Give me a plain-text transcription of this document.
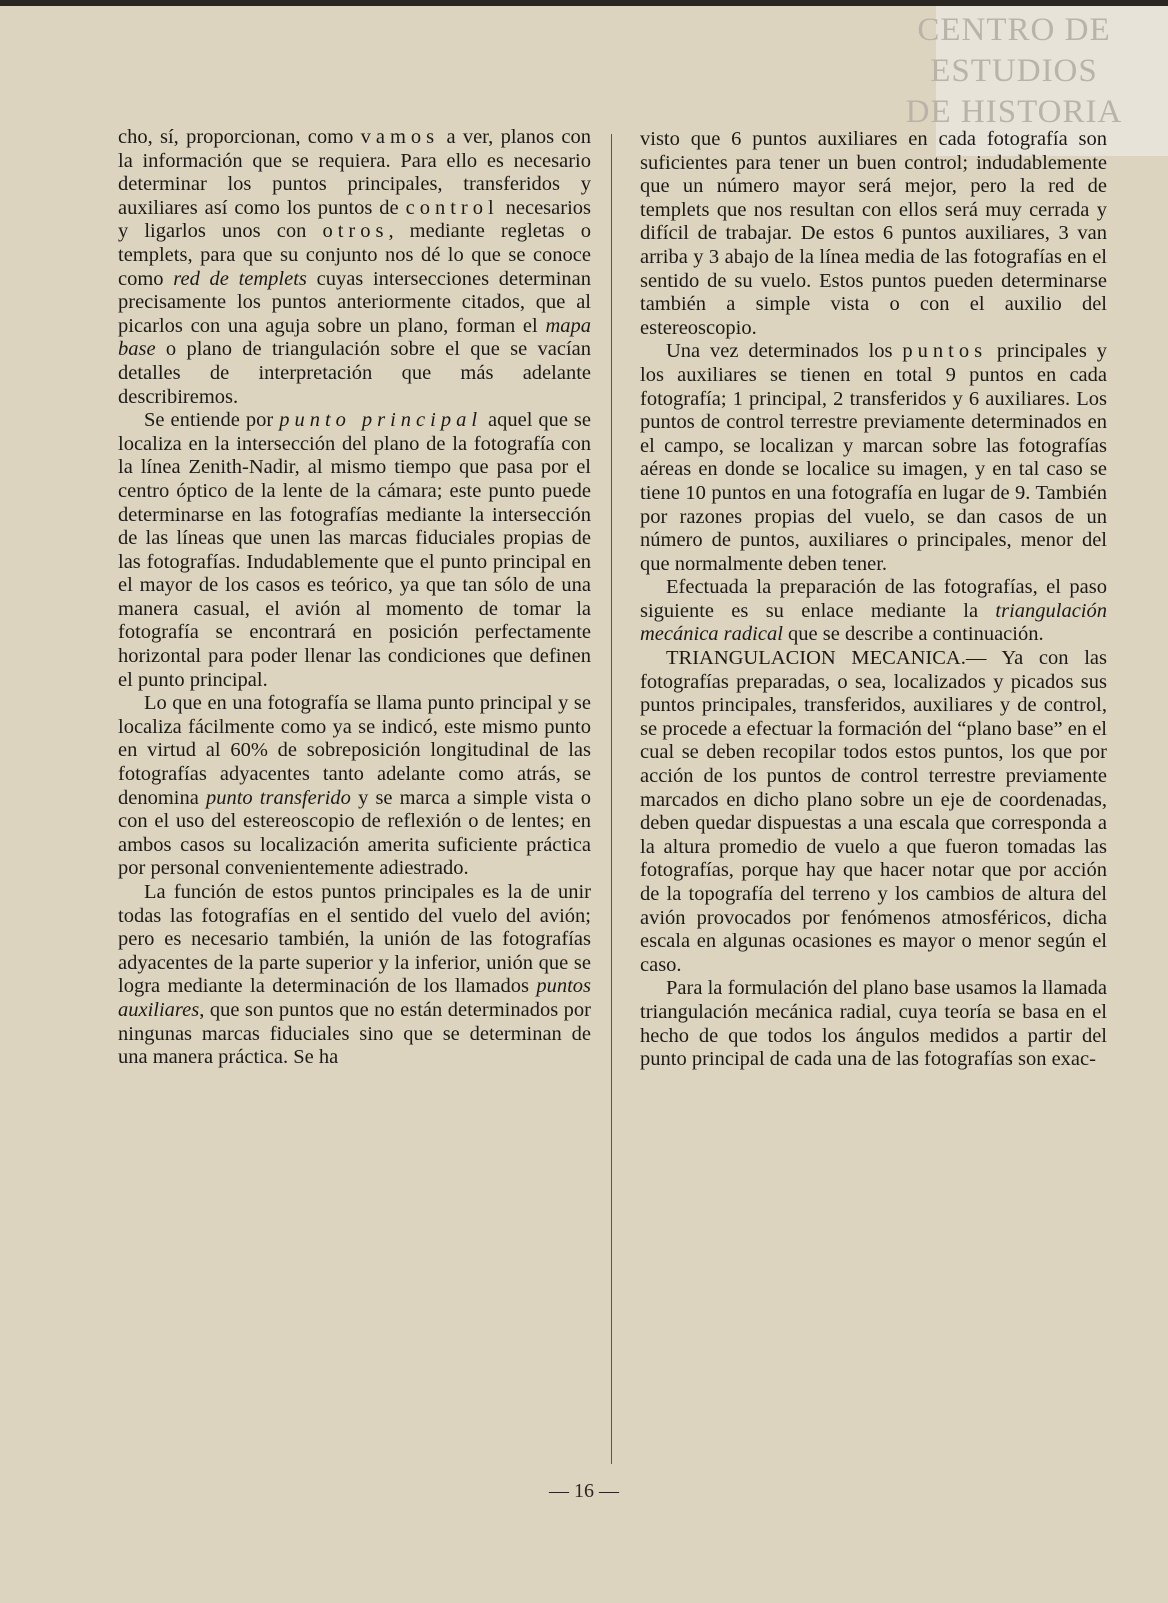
CENTRO DE
ESTUDIOS
DE HISTORIA

cho, sí, proporcionan, como vamos a ver, planos con la información que se requiera. Para ello es necesario determinar los puntos principales, transferidos y auxiliares así como los puntos de control necesarios y ligarlos unos con otros, mediante regletas o templets, para que su conjunto nos dé lo que se conoce como red de templets cuyas intersecciones determinan precisamente los puntos anteriormente citados, que al picarlos con una aguja sobre un plano, forman el mapa base o plano de triangulación sobre el que se vacían detalles de interpretación que más adelante describiremos.

Se entiende por punto principal aquel que se localiza en la intersección del plano de la fotografía con la línea Zenith-Nadir, al mismo tiempo que pasa por el centro óptico de la lente de la cámara; este punto puede determinarse en las fotografías mediante la intersección de las líneas que unen las marcas fiduciales propias de las fotografías. Indudablemente que el punto principal en el mayor de los casos es teórico, ya que tan sólo de una manera casual, el avión al momento de tomar la fotografía se encontrará en posición perfectamente horizontal para poder llenar las condiciones que definen el punto principal.

Lo que en una fotografía se llama punto principal y se localiza fácilmente como ya se indicó, este mismo punto en virtud al 60% de sobreposición longitudinal de las fotografías adyacentes tanto adelante como atrás, se denomina punto transferido y se marca a simple vista o con el uso del estereoscopio de reflexión o de lentes; en ambos casos su localización amerita suficiente práctica por personal convenientemente adiestrado.

La función de estos puntos principales es la de unir todas las fotografías en el sentido del vuelo del avión; pero es necesario también, la unión de las fotografías adyacentes de la parte superior y la inferior, unión que se logra mediante la determinación de los llamados puntos auxiliares, que son puntos que no están determinados por ningunas marcas fiduciales sino que se determinan de una manera práctica. Se ha

visto que 6 puntos auxiliares en cada fotografía son suficientes para tener un buen control; indudablemente que un número mayor será mejor, pero la red de templets que nos resultan con ellos será muy cerrada y difícil de trabajar. De estos 6 puntos auxiliares, 3 van arriba y 3 abajo de la línea media de las fotografías en el sentido de su vuelo. Estos puntos pueden determinarse también a simple vista o con el auxilio del estereoscopio.

Una vez determinados los puntos principales y los auxiliares se tienen en total 9 puntos en cada fotografía; 1 principal, 2 transferidos y 6 auxiliares. Los puntos de control terrestre previamente determinados en el campo, se localizan y marcan sobre las fotografías aéreas en donde se localice su imagen, y en tal caso se tiene 10 puntos en una fotografía en lugar de 9. También por razones propias del vuelo, se dan casos de un número de puntos, auxiliares o principales, menor del que normalmente deben tener.

Efectuada la preparación de las fotografías, el paso siguiente es su enlace mediante la triangulación mecánica radical que se describe a continuación.

TRIANGULACION MECANICA.— Ya con las fotografías preparadas, o sea, localizados y picados sus puntos principales, transferidos, auxiliares y de control, se procede a efectuar la formación del “plano base” en el cual se deben recopilar todos estos puntos, los que por acción de los puntos de control terrestre previamente marcados en dicho plano sobre un eje de coordenadas, deben quedar dispuestas a una escala que corresponda a la altura promedio de vuelo a que fueron tomadas las fotografías, porque hay que hacer notar que por acción de la topografía del terreno y los cambios de altura del avión provocados por fenómenos atmosféricos, dicha escala en algunas ocasiones es mayor o menor según el caso.

Para la formulación del plano base usamos la llamada triangulación mecánica radial, cuya teoría se basa en el hecho de que todos los ángulos medidos a partir del punto principal de cada una de las fotografías son exac-

— 16 —
